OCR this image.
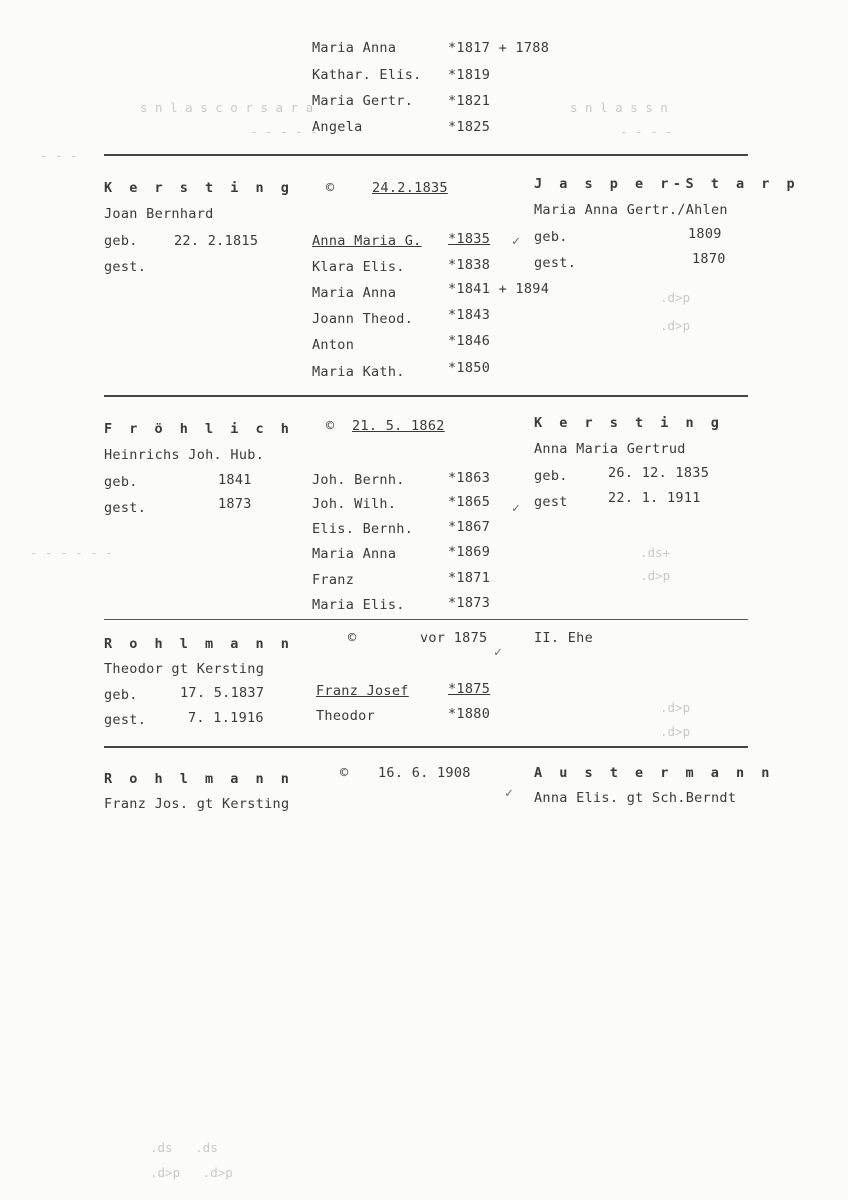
s n l a s c o r s a r a	s n l a s s n
- - - - -	- - - -
- - -
.d>p
.d>p
- - - - - -	.ds+
.d>p
.d>p
.d>p
.ds   .ds
.d>p   .d>p
Maria Anna	*1817 + 1788
Kathar. Elis. *1819
Maria Gertr.	*1821
Angela	*1825
K e r s t i n g ©	24.2.1835	J a s p e r-S t a r p
Joan Bernhard	Maria Anna Gertr./Ahlen
geb.	22. 2.1815
gest.
geb.	1809
gest.	1870
Anna Maria G. *1835
Klara Elis.	*1838
Maria Anna	*1841 + 1894
Joann Theod.	*1843
Anton	*1846
Maria Kath.	*1850
F r ö h l i c h © 21. 5. 1862	K e r s t i n g
Heinrichs Joh. Hub.	Anna Maria Gertrud
geb.	1841
gest.	1873
geb.	26. 12. 1835
gest	22. 1. 1911
Joh. Bernh.	*1863
Joh. Wilh.	*1865
Elis. Bernh.	*1867
Maria Anna	*1869
Franz	*1871
Maria Elis.	*1873
R o h l m a n n	©	vor 1875	II. Ehe
Theodor gt Kersting
geb.	17. 5.1837
gest.	7. 1.1916
Franz Josef	*1875
Theodor	*1880
R o h l m a n n	© 16. 6. 1908	A u s t e r m a n n
Franz Jos. gt Kersting	Anna Elis. gt Sch.Berndt
✓
✓
✓
✓
